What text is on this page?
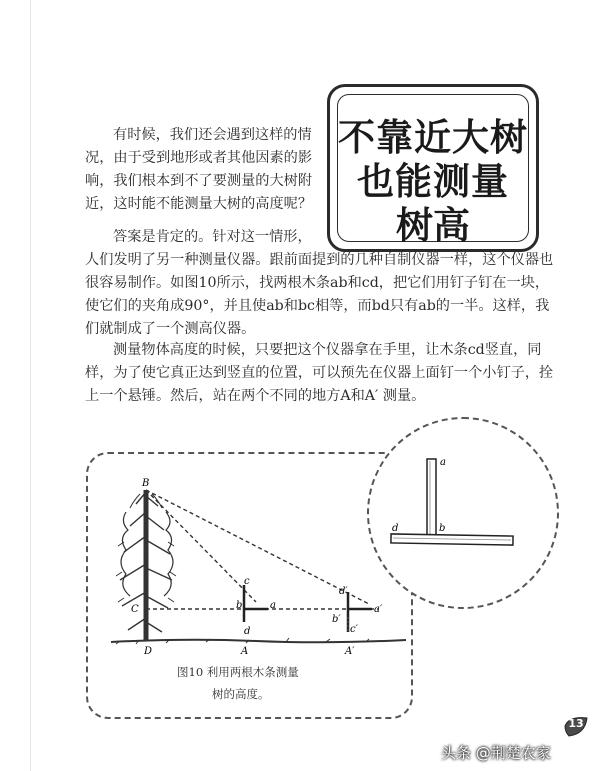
不靠近大树
也能测量
树高

有时候，我们还会遇到这样的情况，由于受到地形或者其他因素的影响，我们根本到不了要测量的大树附近，这时能不能测量大树的高度呢？

答案是肯定的。针对这一情形，

人们发明了另一种测量仪器。跟前面提到的几种自制仪器一样，这个仪器也很容易制作。如图10所示，找两根木条ab和cd，把它们用钉子钉在一块，使它们的夹角成90°，并且使ab和bc相等，而bd只有ab的一半。这样，我们就制成了一个测高仪器。

测量物体高度的时候，只要把这个仪器拿在手里，让木条cd竖直，同样，为了使它真正达到竖直的位置，可以预先在仪器上面钉一个小钉子，拴上一个悬锤。然后，站在两个不同的地方A和A′ 测量。

B
C
D
c
b	a
d
A
d′
b′
a′
c′
A′
图10 利用两根木条测量
树的高度。
a
b
d
13
头条 @荆楚农家
